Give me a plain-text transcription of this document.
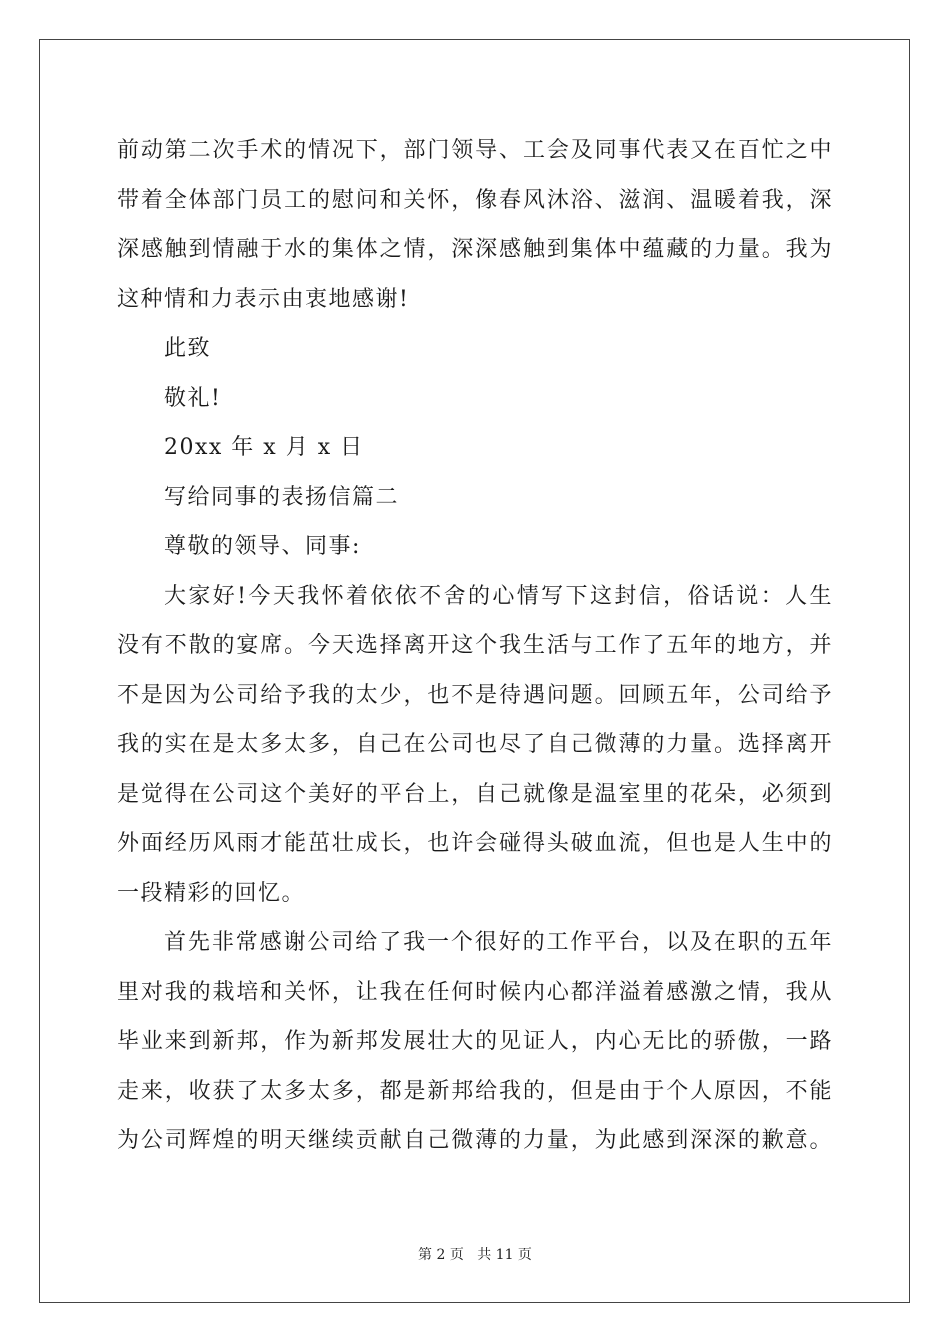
前动第二次手术的情况下，部门领导、工会及同事代表又在百忙之中
带着全体部门员工的慰问和关怀，像春风沐浴、滋润、温暖着我，深
深感触到情融于水的集体之情，深深感触到集体中蕴藏的力量。我为
这种情和力表示由衷地感谢!
此致
敬礼!
20xx 年 x 月 x 日
写给同事的表扬信篇二
尊敬的领导、同事:
大家好!今天我怀着依依不舍的心情写下这封信，俗话说：人生
没有不散的宴席。今天选择离开这个我生活与工作了五年的地方，并
不是因为公司给予我的太少，也不是待遇问题。回顾五年，公司给予
我的实在是太多太多，自己在公司也尽了自己微薄的力量。选择离开
是觉得在公司这个美好的平台上，自己就像是温室里的花朵，必须到
外面经历风雨才能茁壮成长，也许会碰得头破血流，但也是人生中的
一段精彩的回忆。
首先非常感谢公司给了我一个很好的工作平台，以及在职的五年
里对我的栽培和关怀，让我在任何时候内心都洋溢着感激之情，我从
毕业来到新邦，作为新邦发展壮大的见证人，内心无比的骄傲，一路
走来，收获了太多太多，都是新邦给我的，但是由于个人原因，不能
为公司辉煌的明天继续贡献自己微薄的力量，为此感到深深的歉意。
第 2 页 共 11 页
